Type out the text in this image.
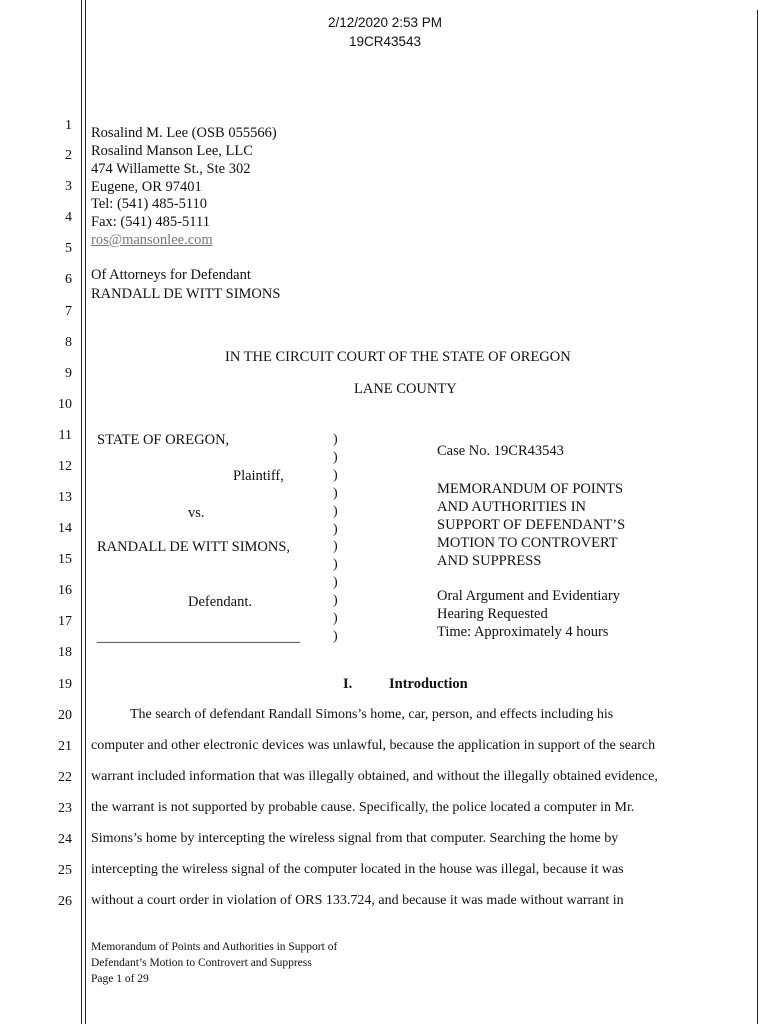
2/12/2020 2:53 PM
19CR43543
1
2
3
4
5
6
7
8
9
10
11
12
13
14
15
16
17
18
19
20
21
22
23
24
25
26
Rosalind M. Lee (OSB 055566)
Rosalind Manson Lee, LLC
474 Willamette St., Ste 302
Eugene, OR 97401
Tel: (541) 485-5110
Fax: (541) 485-5111
ros@mansonlee.com
Of Attorneys for Defendant
RANDALL DE WITT SIMONS
IN THE CIRCUIT COURT OF THE STATE OF OREGON
LANE COUNTY
STATE OF OREGON,
Plaintiff,
vs.
RANDALL DE WITT SIMONS,
Defendant.
____________________________
)
)
)
)
)
)
)
)
)
)
)
)
Case No. 19CR43543
MEMORANDUM OF POINTS
AND AUTHORITIES IN
SUPPORT OF DEFENDANT’S
MOTION TO CONTROVERT
AND SUPPRESS
Oral Argument and Evidentiary
Hearing Requested
Time: Approximately 4 hours
I.	Introduction
The search of defendant Randall Simons’s home, car, person, and effects including his
computer and other electronic devices was unlawful, because the application in support of the search
warrant included information that was illegally obtained, and without the illegally obtained evidence,
the warrant is not supported by probable cause. Specifically, the police located a computer in Mr.
Simons’s home by intercepting the wireless signal from that computer. Searching the home by
intercepting the wireless signal of the computer located in the house was illegal, because it was
without a court order in violation of ORS 133.724, and because it was made without warrant in
Memorandum of Points and Authorities in Support of
Defendant’s Motion to Controvert and Suppress
Page 1 of 29
